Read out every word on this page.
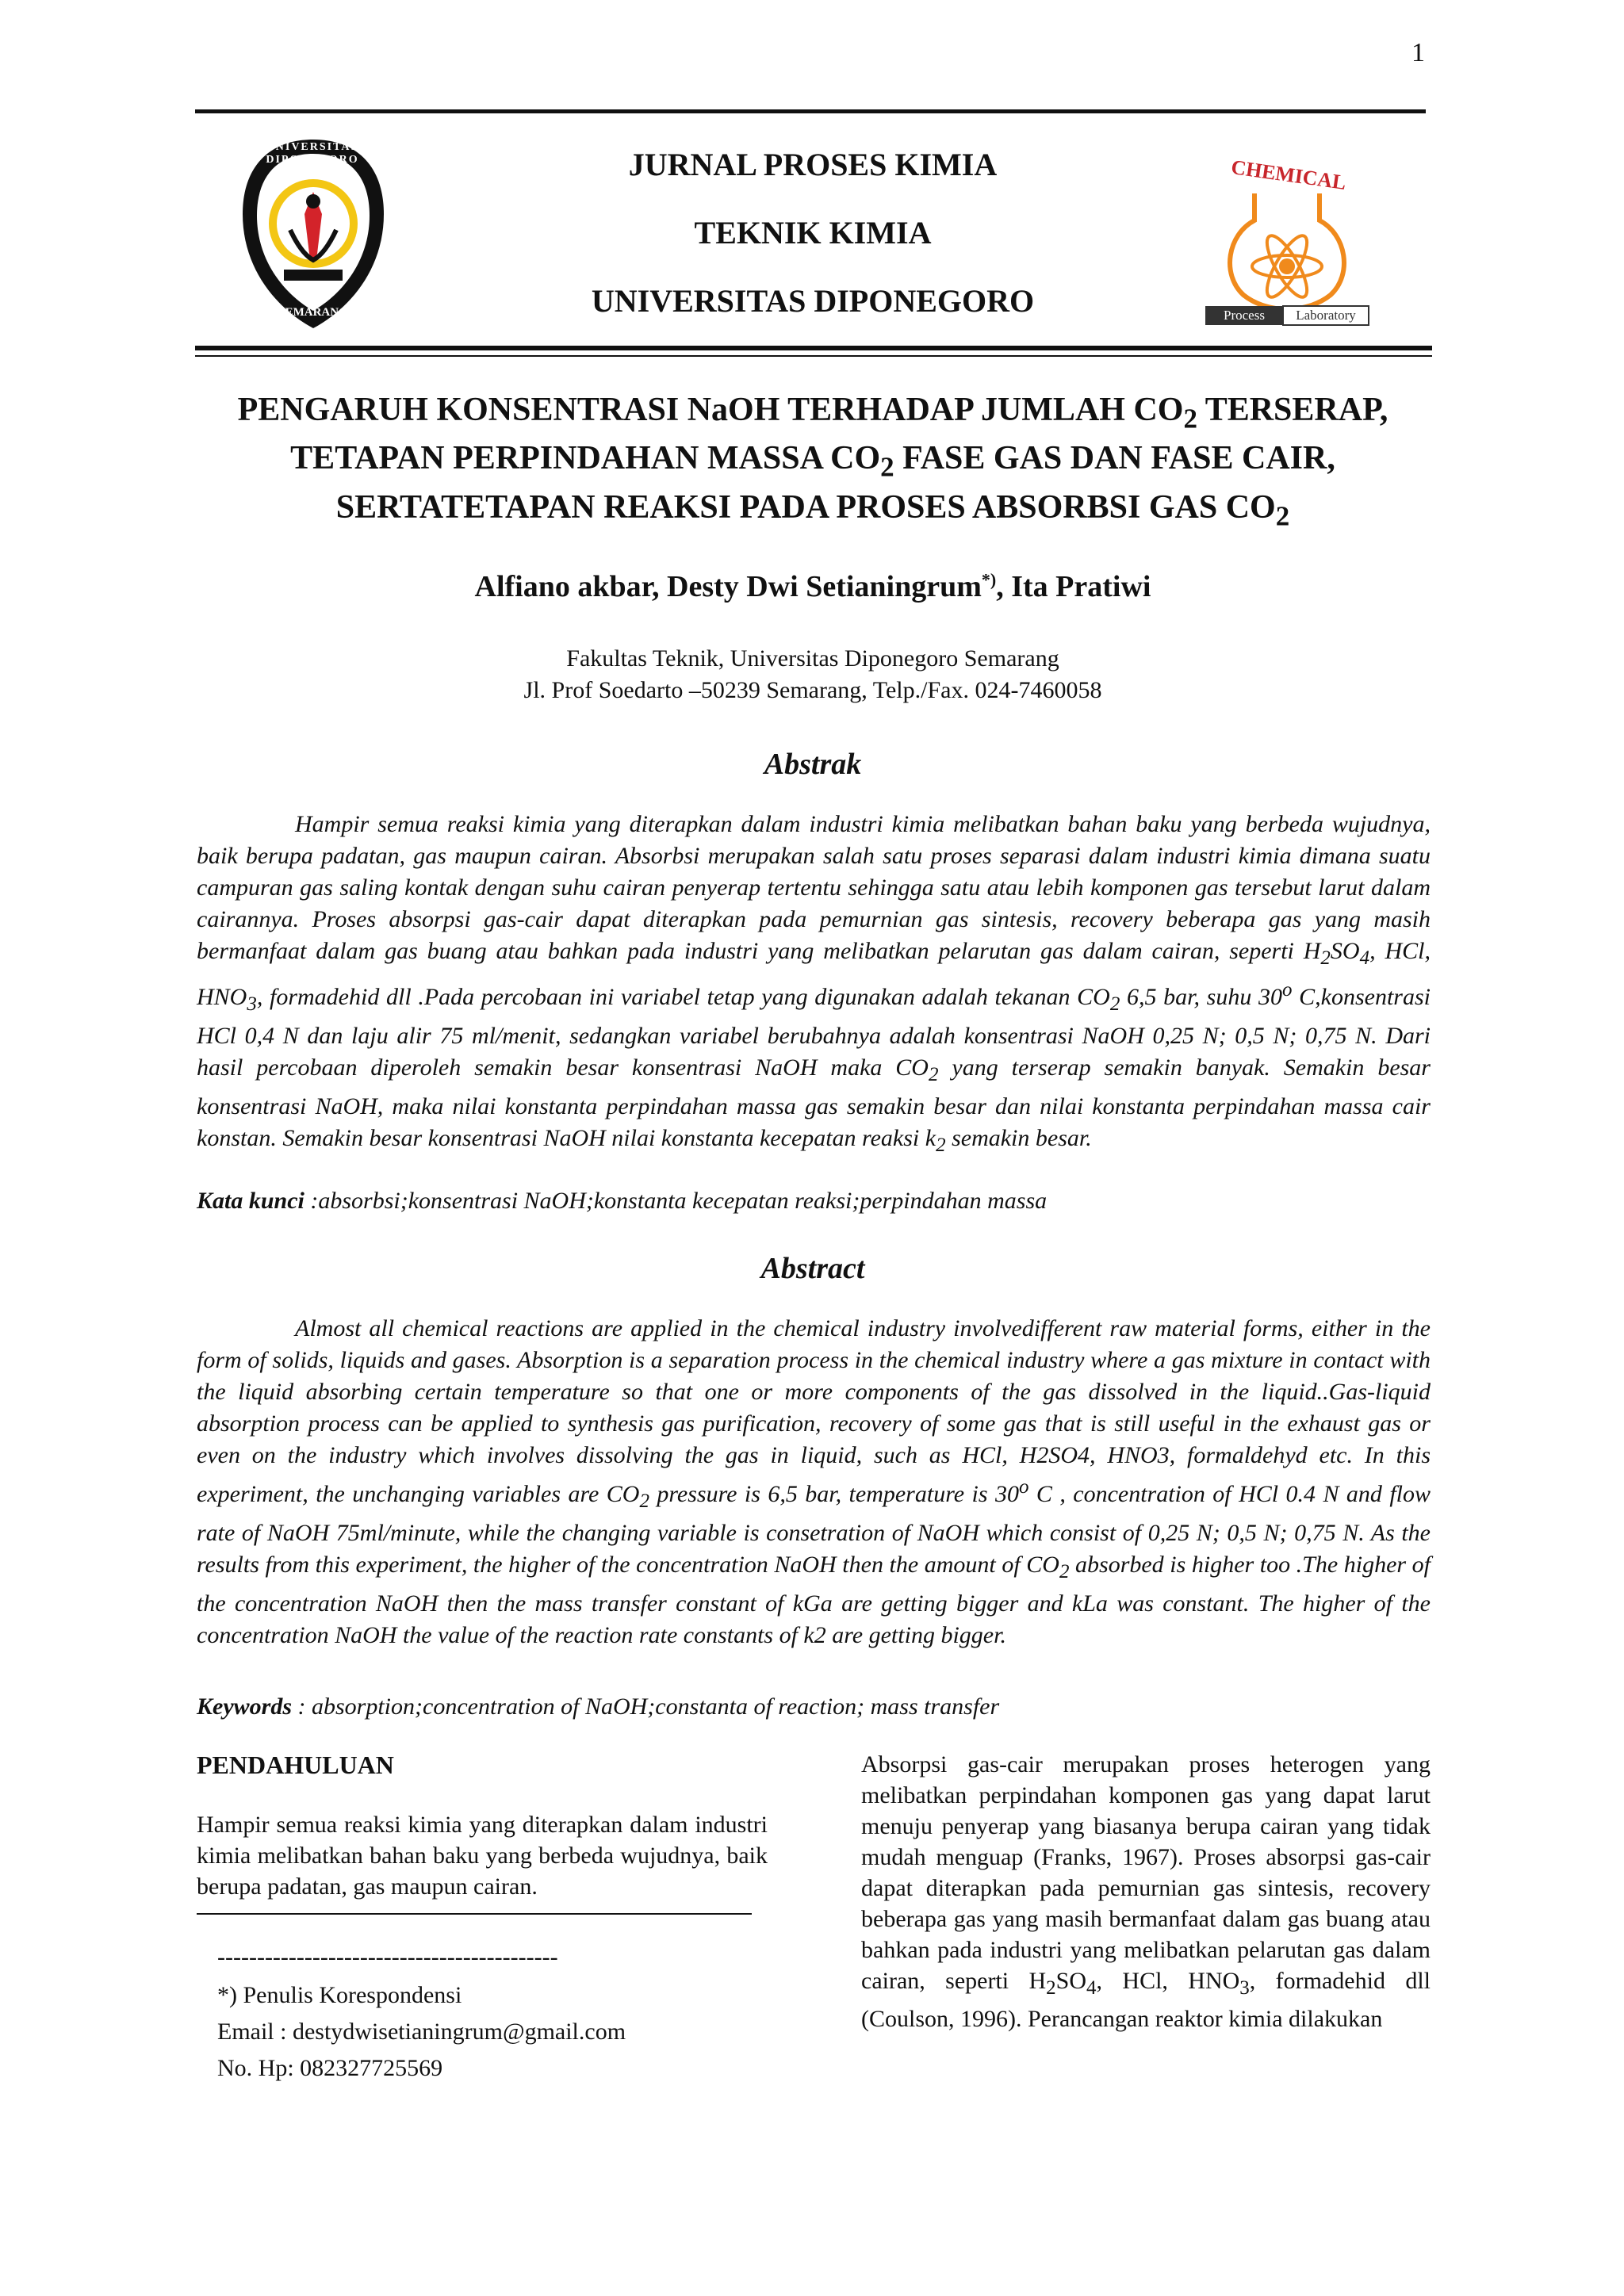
1
UNIVERSITAS DIPONEGORO
SEMARANG
JURNAL PROSES KIMIA
TEKNIK KIMIA
UNIVERSITAS DIPONEGORO
CHEMICAL
Process	Laboratory
PENGARUH KONSENTRASI NaOH TERHADAP JUMLAH $CO_2$ TERSERAP,
TETAPAN PERPINDAHAN MASSA $CO_2$ FASE GAS DAN FASE CAIR,
SERTATETAPAN REAKSI PADA PROSES ABSORBSI GAS $CO_2$
Alfiano akbar, Desty Dwi Setianingrum*), Ita Pratiwi
Fakultas Teknik, Universitas Diponegoro Semarang
Jl. Prof Soedarto –50239 Semarang, Telp./Fax. 024-7460058
Abstrak
Hampir semua reaksi kimia yang diterapkan dalam industri kimia melibatkan bahan baku yang berbeda wujudnya, baik berupa padatan, gas maupun cairan. Absorbsi merupakan salah satu proses separasi dalam industri kimia dimana suatu campuran gas saling kontak dengan suhu cairan penyerap tertentu sehingga satu atau lebih komponen gas tersebut larut dalam cairannya. Proses absorpsi gas-cair dapat diterapkan pada pemurnian gas sintesis, recovery beberapa gas yang masih bermanfaat dalam gas buang atau bahkan pada industri yang melibatkan pelarutan gas dalam cairan, seperti $H_2SO_4$, HCl, $HNO_3$, formadehid dll .Pada percobaan ini variabel tetap yang digunakan adalah tekanan $CO_2$ 6,5 bar, suhu 30$^o$ C,konsentrasi HCl 0,4 N dan laju alir 75 ml/menit, sedangkan variabel berubahnya adalah konsentrasi NaOH 0,25 N; 0,5 N; 0,75 N. Dari hasil percobaan diperoleh semakin besar konsentrasi NaOH maka $CO_2$ yang terserap semakin banyak. Semakin besar konsentrasi NaOH, maka nilai konstanta perpindahan massa gas semakin besar dan nilai konstanta perpindahan massa cair konstan. Semakin besar konsentrasi NaOH nilai konstanta kecepatan reaksi $k_2$ semakin besar.
Kata kunci :absorbsi;konsentrasi NaOH;konstanta kecepatan reaksi;perpindahan massa
Abstract
Almost all chemical reactions are applied in the chemical industry involvedifferent raw material forms, either in the form of solids, liquids and gases. Absorption is a separation process in the chemical industry where a gas mixture in contact with the liquid absorbing certain temperature so that one or more components of the gas dissolved in the liquid..Gas-liquid absorption process can be applied to synthesis gas purification, recovery of some gas that is still useful in the exhaust gas or even on the industry which involves dissolving the gas in liquid, such as HCl, H2SO4, HNO3, formaldehyd etc. In this experiment, the unchanging variables are $CO_2$ pressure is 6,5 bar, temperature is 30$^o$ C , concentration of HCl 0.4 N and flow rate of NaOH 75ml/minute, while the changing variable is consetration of NaOH which consist of 0,25 N; 0,5 N; 0,75 N. As the results from this experiment, the higher of the concentration NaOH then the amount of $CO_2$ absorbed is higher too .The higher of the concentration NaOH then the mass transfer constant of kGa are getting bigger and kLa was constant. The higher of the concentration NaOH the value of the reaction rate constants of k2 are getting bigger.
Keywords : absorption;concentration of NaOH;constanta of reaction; mass transfer
PENDAHULUAN
Hampir semua reaksi kimia yang diterapkan dalam industri kimia melibatkan bahan baku yang berbeda wujudnya, baik berupa padatan, gas maupun cairan.
-------------------------------------------
*) Penulis Korespondensi
Email : destydwisetianingrum@gmail.com
No. Hp: 082327725569
Absorpsi gas-cair merupakan proses heterogen yang melibatkan perpindahan komponen gas yang dapat larut menuju penyerap yang biasanya berupa cairan yang tidak mudah menguap (Franks, 1967). Proses absorpsi gas-cair dapat diterapkan pada pemurnian gas sintesis, recovery beberapa gas yang masih bermanfaat dalam gas buang atau bahkan pada industri yang melibatkan pelarutan gas dalam cairan, seperti $H_2SO_4$, HCl, $HNO_3$, formadehid dll (Coulson, 1996). Perancangan reaktor kimia dilakukan
